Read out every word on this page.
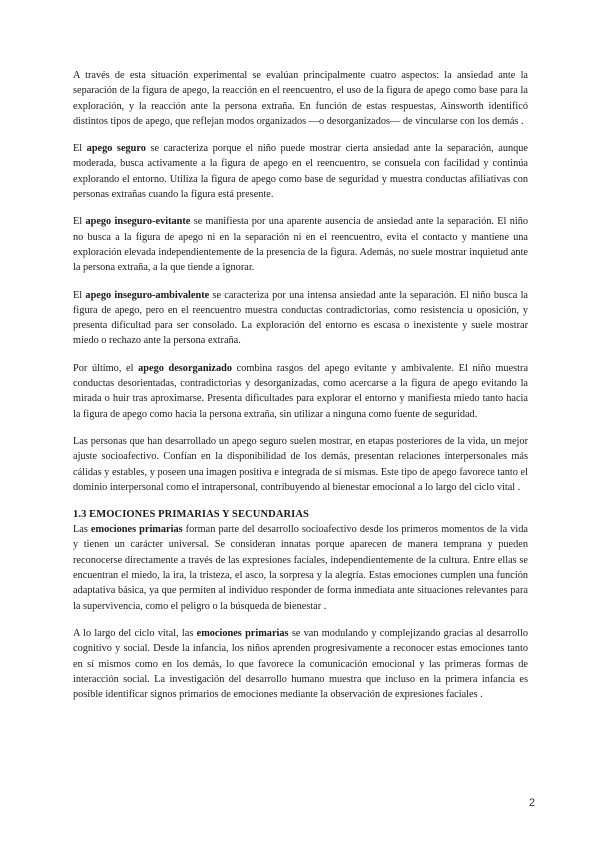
A través de esta situación experimental se evalúan principalmente cuatro aspectos: la ansiedad ante la separación de la figura de apego, la reacción en el reencuentro, el uso de la figura de apego como base para la exploración, y la reacción ante la persona extraña. En función de estas respuestas, Ainsworth identificó distintos tipos de apego, que reflejan modos organizados —o desorganizados— de vincularse con los demás .

El apego seguro se caracteriza porque el niño puede mostrar cierta ansiedad ante la separación, aunque moderada, busca activamente a la figura de apego en el reencuentro, se consuela con facilidad y continúa explorando el entorno. Utiliza la figura de apego como base de seguridad y muestra conductas afiliativas con personas extrañas cuando la figura está presente.

El apego inseguro-evitante se manifiesta por una aparente ausencia de ansiedad ante la separación. El niño no busca a la figura de apego ni en la separación ni en el reencuentro, evita el contacto y mantiene una exploración elevada independientemente de la presencia de la figura. Además, no suele mostrar inquietud ante la persona extraña, a la que tiende a ignorar.

El apego inseguro-ambivalente se caracteriza por una intensa ansiedad ante la separación. El niño busca la figura de apego, pero en el reencuentro muestra conductas contradictorias, como resistencia u oposición, y presenta dificultad para ser consolado. La exploración del entorno es escasa o inexistente y suele mostrar miedo o rechazo ante la persona extraña.

Por último, el apego desorganizado combina rasgos del apego evitante y ambivalente. El niño muestra conductas desorientadas, contradictorias y desorganizadas, como acercarse a la figura de apego evitando la mirada o huir tras aproximarse. Presenta dificultades para explorar el entorno y manifiesta miedo tanto hacia la figura de apego como hacia la persona extraña, sin utilizar a ninguna como fuente de seguridad.

Las personas que han desarrollado un apego seguro suelen mostrar, en etapas posteriores de la vida, un mejor ajuste socioafectivo. Confían en la disponibilidad de los demás, presentan relaciones interpersonales más cálidas y estables, y poseen una imagen positiva e integrada de sí mismas. Este tipo de apego favorece tanto el dominio interpersonal como el intrapersonal, contribuyendo al bienestar emocional a lo largo del ciclo vital .

1.3 EMOCIONES PRIMARIAS Y SECUNDARIAS

Las emociones primarias forman parte del desarrollo socioafectivo desde los primeros momentos de la vida y tienen un carácter universal. Se consideran innatas porque aparecen de manera temprana y pueden reconocerse directamente a través de las expresiones faciales, independientemente de la cultura. Entre ellas se encuentran el miedo, la ira, la tristeza, el asco, la sorpresa y la alegría. Estas emociones cumplen una función adaptativa básica, ya que permiten al individuo responder de forma inmediata ante situaciones relevantes para la supervivencia, como el peligro o la búsqueda de bienestar .

A lo largo del ciclo vital, las emociones primarias se van modulando y complejizando gracias al desarrollo cognitivo y social. Desde la infancia, los niños aprenden progresivamente a reconocer estas emociones tanto en sí mismos como en los demás, lo que favorece la comunicación emocional y las primeras formas de interacción social. La investigación del desarrollo humano muestra que incluso en la primera infancia es posible identificar signos primarios de emociones mediante la observación de expresiones faciales .

2
